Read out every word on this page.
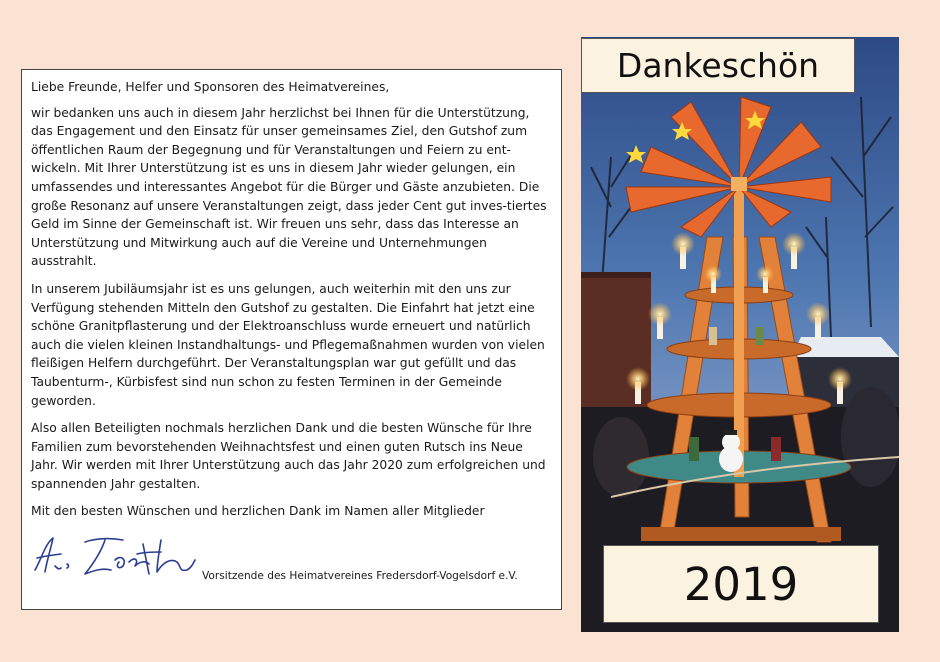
Liebe Freunde, Helfer und Sponsoren des Heimatvereines,

wir bedanken uns auch in diesem Jahr herzlichst bei Ihnen für die Unterstützung, das Engagement und den Einsatz für unser gemeinsames Ziel, den Gutshof zum öffentlichen Raum der Begegnung und für Veranstaltungen und Feiern zu ent-wickeln. Mit Ihrer Unterstützung ist es uns in diesem Jahr wieder gelungen, ein umfassendes und interessantes Angebot für die Bürger und Gäste anzubieten. Die große Resonanz auf unsere Veranstaltungen zeigt, dass jeder Cent gut inves-tiertes Geld im Sinne der Gemeinschaft ist. Wir freuen uns sehr, dass das Interesse an Unterstützung und Mitwirkung auch auf die Vereine und Unternehmungen ausstrahlt.

In unserem Jubiläumsjahr ist es uns gelungen, auch weiterhin mit den uns zur Verfügung stehenden Mitteln den Gutshof zu gestalten. Die Einfahrt hat jetzt eine schöne Granitpflasterung und der Elektroanschluss wurde erneuert und natürlich auch die vielen kleinen Instandhaltungs- und Pflegemaßnahmen wurden von vielen fleißigen Helfern durchgeführt. Der Veranstaltungsplan war gut gefüllt und das Taubenturm-, Kürbisfest sind nun schon zu festen Terminen in der Gemeinde geworden.

Also allen Beteiligten nochmals herzlichen Dank und die besten Wünsche für Ihre Familien zum bevorstehenden Weihnachtsfest und einen guten Rutsch ins Neue Jahr. Wir werden mit Ihrer Unterstützung auch das Jahr 2020 zum erfolgreichen und spannenden Jahr gestalten.

Mit den besten Wünschen und herzlichen Dank im Namen aller Mitglieder

Vorsitzende des Heimatvereines Fredersdorf-Vogelsdorf e.V.
Dankeschön
2019
